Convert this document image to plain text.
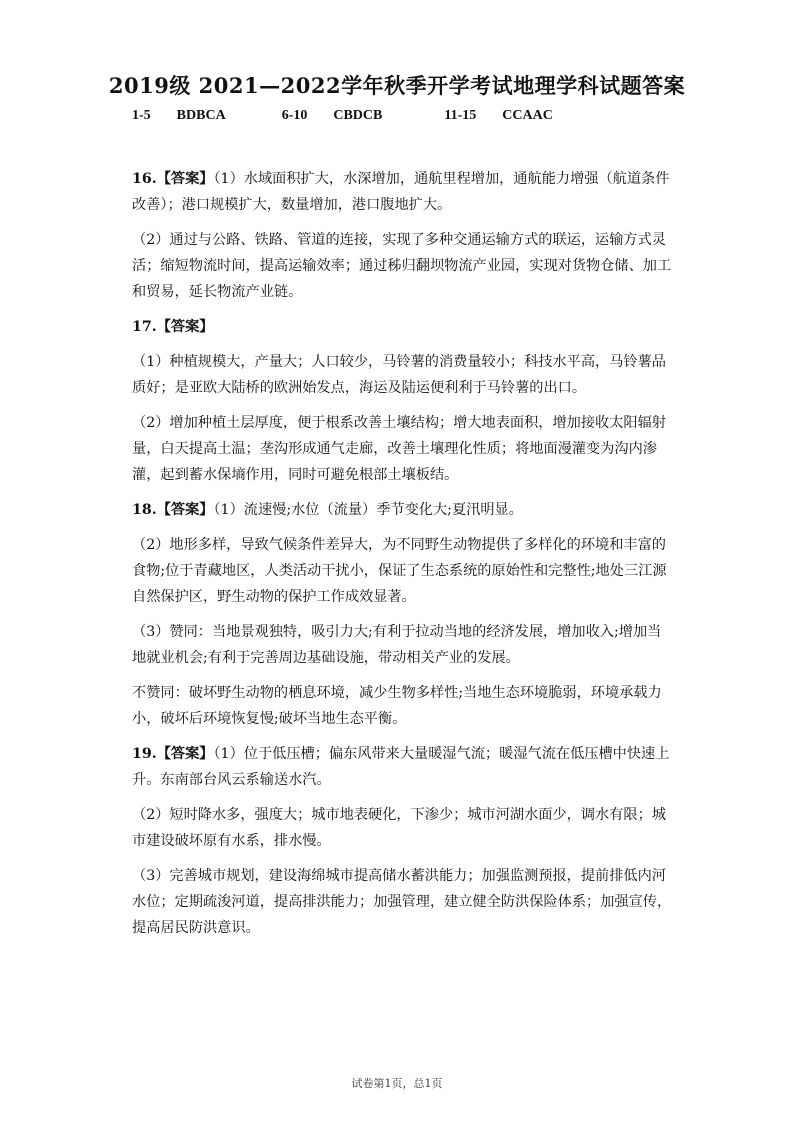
2019级 2021—2022学年秋季开学考试地理学科试题答案
1-5 BDBCA	6-10 CBDCB	11-15 CCAAC

16.【答案】（1）水域面积扩大，水深增加，通航里程增加，通航能力增强（航道条件改善）；港口规模扩大，数量增加，港口腹地扩大。

（2）通过与公路、铁路、管道的连接，实现了多种交通运输方式的联运，运输方式灵活；缩短物流时间，提高运输效率；通过秭归翻坝物流产业园，实现对货物仓储、加工和贸易，延长物流产业链。

17.【答案】

（1）种植规模大，产量大；人口较少，马铃薯的消费量较小；科技水平高，马铃薯品质好；是亚欧大陆桥的欧洲始发点，海运及陆运便利利于马铃薯的出口。

（2）增加种植土层厚度，便于根系改善土壤结构；增大地表面积，增加接收太阳辐射量，白天提高土温；垄沟形成通气走廊，改善土壤理化性质；将地面漫灌变为沟内渗灌，起到蓄水保墒作用，同时可避免根部土壤板结。

18.【答案】（1）流速慢;水位（流量）季节变化大;夏汛明显。

（2）地形多样，导致气候条件差异大，为不同野生动物提供了多样化的环境和丰富的食物;位于青藏地区，人类活动干扰小，保证了生态系统的原始性和完整性;地处三江源自然保护区，野生动物的保护工作成效显著。

（3）赞同：当地景观独特，吸引力大;有利于拉动当地的经济发展，增加收入;增加当地就业机会;有利于完善周边基础设施，带动相关产业的发展。

不赞同：破坏野生动物的栖息环境，减少生物多样性;当地生态环境脆弱，环境承载力小，破坏后环境恢复慢;破坏当地生态平衡。

19.【答案】（1）位于低压槽；偏东风带来大量暖湿气流；暖湿气流在低压槽中快速上升。东南部台风云系输送水汽。

（2）短时降水多，强度大；城市地表硬化，下渗少；城市河湖水面少，调水有限；城市建设破坏原有水系，排水慢。

（3）完善城市规划，建设海绵城市提高储水蓄洪能力；加强监测预报，提前排低内河水位；定期疏浚河道，提高排洪能力；加强管理，建立健全防洪保险体系；加强宣传，提高居民防洪意识。

试卷第1页，总1页
